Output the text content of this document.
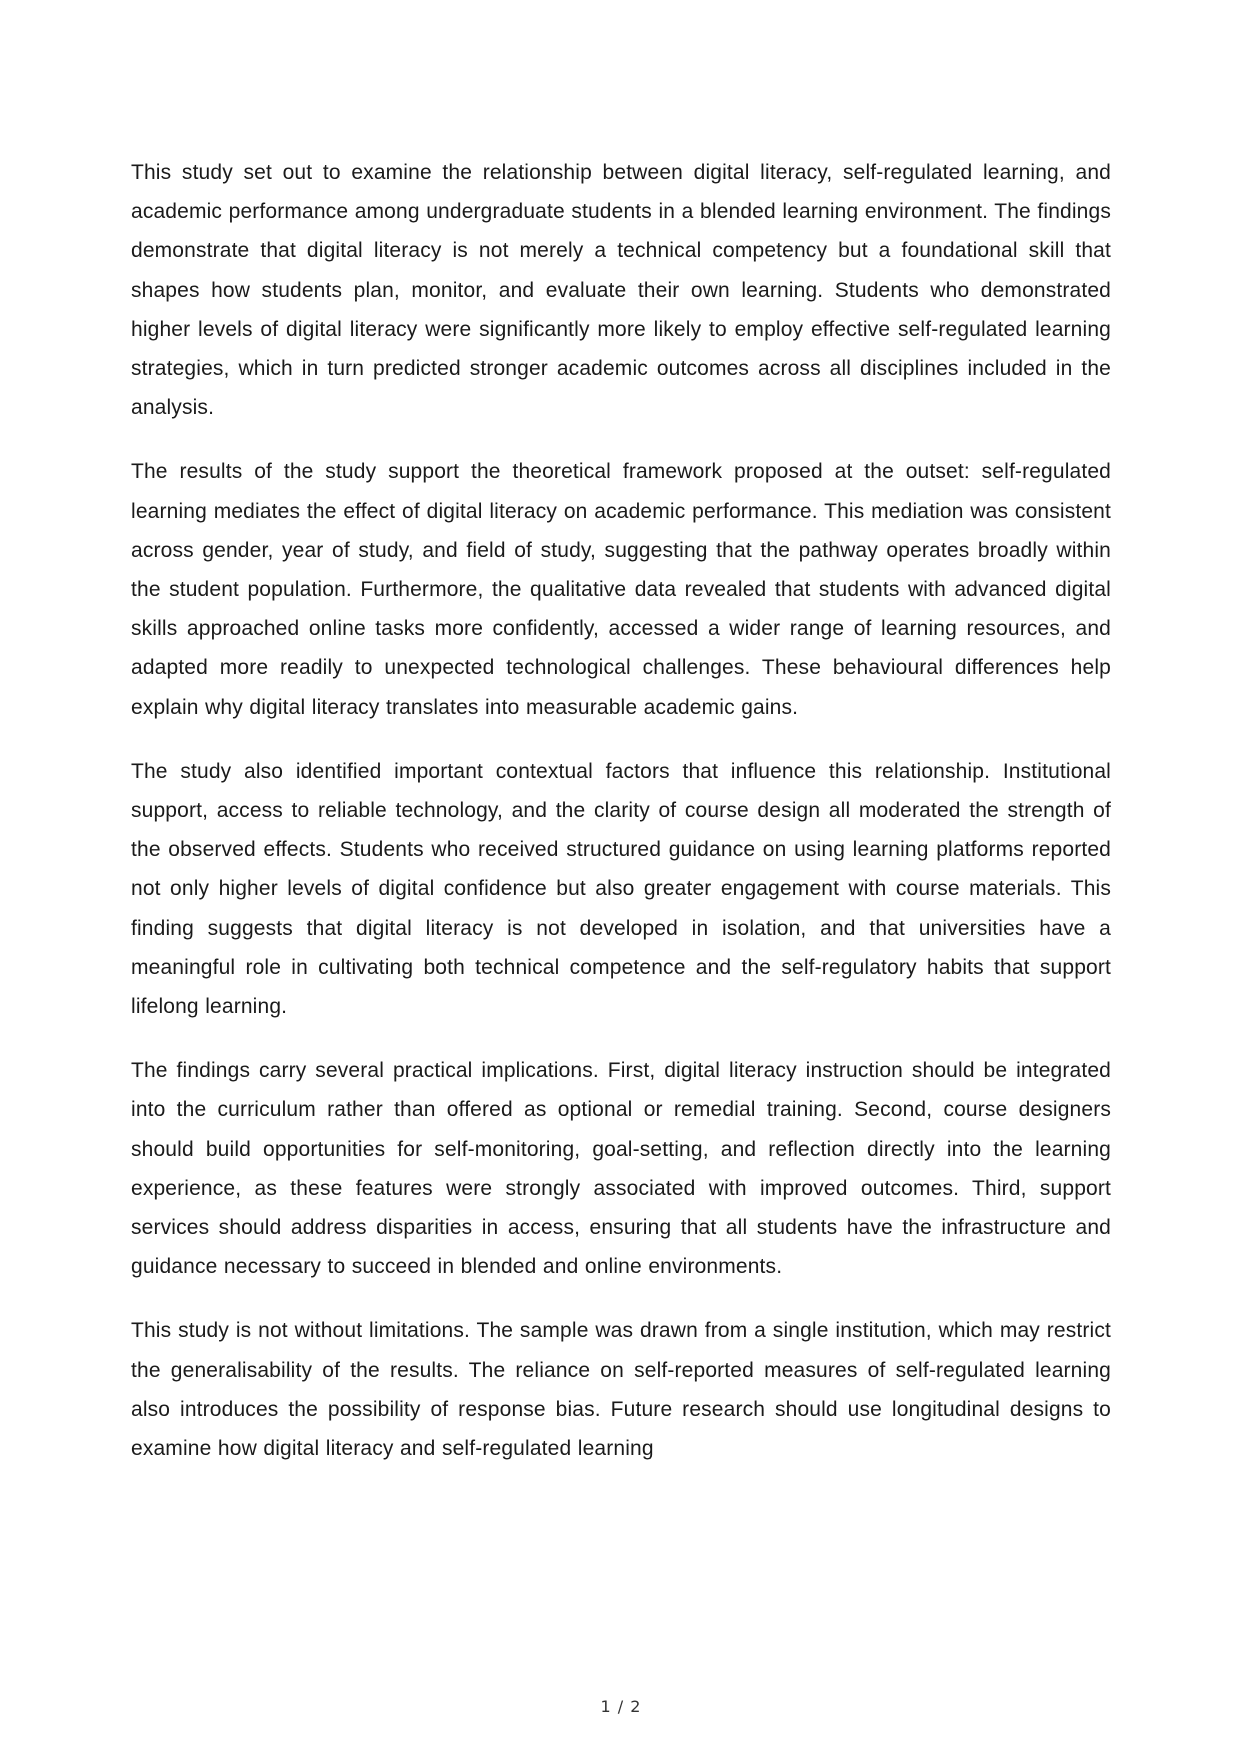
This study set out to examine the relationship between digital literacy, self-regulated learning, and academic performance among undergraduate students in a blended learning environment. The findings demonstrate that digital literacy is not merely a technical competency but a foundational skill that shapes how students plan, monitor, and evaluate their own learning. Students who demonstrated higher levels of digital literacy were significantly more likely to employ effective self-regulated learning strategies, which in turn predicted stronger academic outcomes across all disciplines included in the analysis.

The results of the study support the theoretical framework proposed at the outset: self-regulated learning mediates the effect of digital literacy on academic performance. This mediation was consistent across gender, year of study, and field of study, suggesting that the pathway operates broadly within the student population. Furthermore, the qualitative data revealed that students with advanced digital skills approached online tasks more confidently, accessed a wider range of learning resources, and adapted more readily to unexpected technological challenges. These behavioural differences help explain why digital literacy translates into measurable academic gains.

The study also identified important contextual factors that influence this relationship. Institutional support, access to reliable technology, and the clarity of course design all moderated the strength of the observed effects. Students who received structured guidance on using learning platforms reported not only higher levels of digital confidence but also greater engagement with course materials. This finding suggests that digital literacy is not developed in isolation, and that universities have a meaningful role in cultivating both technical competence and the self-regulatory habits that support lifelong learning.

The findings carry several practical implications. First, digital literacy instruction should be integrated into the curriculum rather than offered as optional or remedial training. Second, course designers should build opportunities for self-monitoring, goal-setting, and reflection directly into the learning experience, as these features were strongly associated with improved outcomes. Third, support services should address disparities in access, ensuring that all students have the infrastructure and guidance necessary to succeed in blended and online environments.

This study is not without limitations. The sample was drawn from a single institution, which may restrict the generalisability of the results. The reliance on self-reported measures of self-regulated learning also introduces the possibility of response bias. Future research should use longitudinal designs to examine how digital literacy and self-regulated learning

1 / 2
